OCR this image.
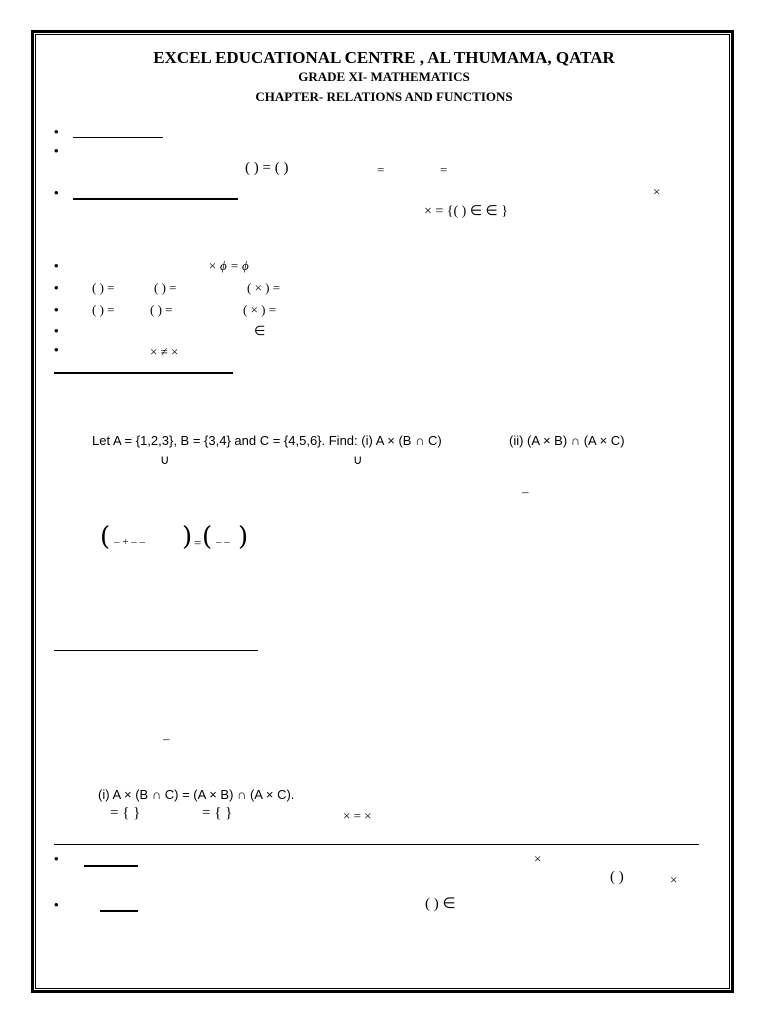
EXCEL EDUCATIONAL CENTRE , AL THUMAMA, QATAR
GRADE XI- MATHEMATICS
CHAPTER- RELATIONS AND FUNCTIONS
•
•
( ) = ( )	=	=
•	×
× = {( ) ∈ ∈ }
•	× ϕ = ϕ
•	( ) =	( ) =	( × ) =
•	( ) =	( ) =	( × ) =
•	∈
•	× ≠ ×
Let A = {1,2,3}, B = {3,4} and C = {4,5,6}. Find: (i) A × (B ∩ C)	(ii) (A × B) ∩ (A × C)
∪	∪
–
( – + – – ) = ( – – )
–
(i) A × (B ∩ C) = (A × B) ∩ (A × C).
= { }	= { }	× = ×
•	×
( )	×
•	( ) ∈
